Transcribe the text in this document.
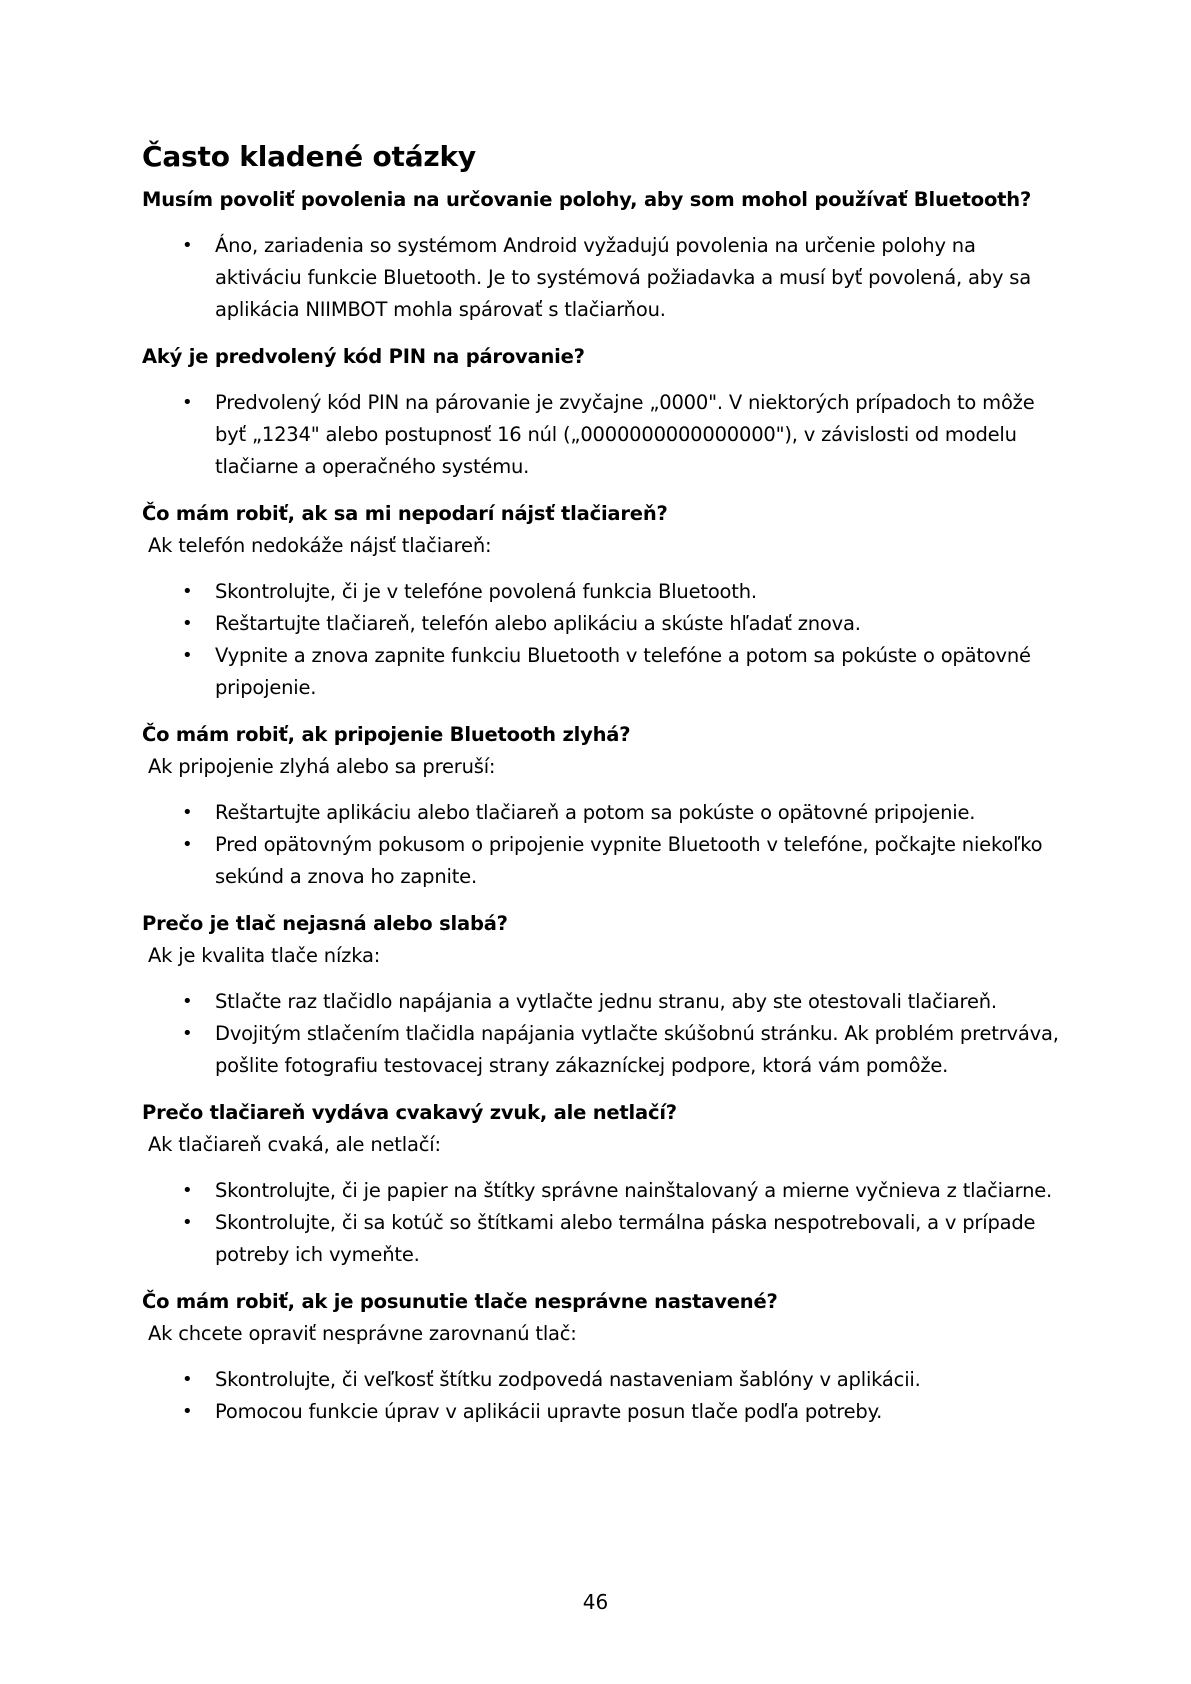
Často kladené otázky

Musím povoliť povolenia na určovanie polohy, aby som mohol používať Bluetooth?

• Áno, zariadenia so systémom Android vyžadujú povolenia na určenie polohy na aktiváciu funkcie Bluetooth. Je to systémová požiadavka a musí byť povolená, aby sa aplikácia NIIMBOT mohla spárovať s tlačiarňou.

Aký je predvolený kód PIN na párovanie?

• Predvolený kód PIN na párovanie je zvyčajne „0000". V niektorých prípadoch to môže byť „1234" alebo postupnosť 16 núl („0000000000000000"), v závislosti od modelu tlačiarne a operačného systému.

Čo mám robiť, ak sa mi nepodarí nájsť tlačiareň?

Ak telefón nedokáže nájsť tlačiareň:

• Skontrolujte, či je v telefóne povolená funkcia Bluetooth.
• Reštartujte tlačiareň, telefón alebo aplikáciu a skúste hľadať znova.
• Vypnite a znova zapnite funkciu Bluetooth v telefóne a potom sa pokúste o opätovné pripojenie.

Čo mám robiť, ak pripojenie Bluetooth zlyhá?

Ak pripojenie zlyhá alebo sa preruší:

• Reštartujte aplikáciu alebo tlačiareň a potom sa pokúste o opätovné pripojenie.
• Pred opätovným pokusom o pripojenie vypnite Bluetooth v telefóne, počkajte niekoľko sekúnd a znova ho zapnite.

Prečo je tlač nejasná alebo slabá?

Ak je kvalita tlače nízka:

• Stlačte raz tlačidlo napájania a vytlačte jednu stranu, aby ste otestovali tlačiareň.
• Dvojitým stlačením tlačidla napájania vytlačte skúšobnú stránku. Ak problém pretrváva, pošlite fotografiu testovacej strany zákazníckej podpore, ktorá vám pomôže.

Prečo tlačiareň vydáva cvakavý zvuk, ale netlačí?

Ak tlačiareň cvaká, ale netlačí:

• Skontrolujte, či je papier na štítky správne nainštalovaný a mierne vyčnieva z tlačiarne.
• Skontrolujte, či sa kotúč so štítkami alebo termálna páska nespotrebovali, a v prípade potreby ich vymeňte.

Čo mám robiť, ak je posunutie tlače nesprávne nastavené?

Ak chcete opraviť nesprávne zarovnanú tlač:

• Skontrolujte, či veľkosť štítku zodpovedá nastaveniam šablóny v aplikácii.
• Pomocou funkcie úprav v aplikácii upravte posun tlače podľa potreby.
46
